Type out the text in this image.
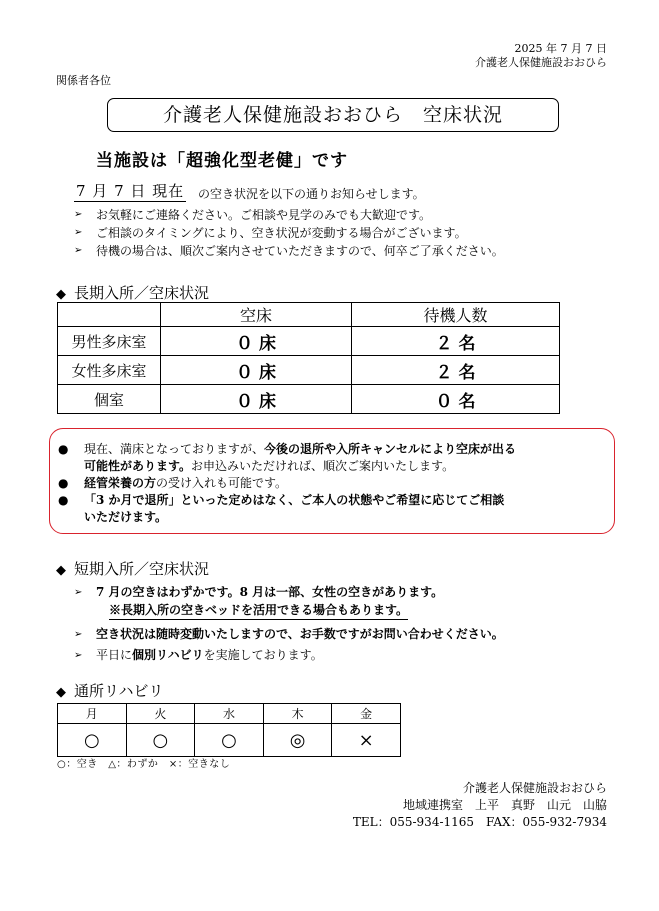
2025 年 7 月 7 日
介護老人保健施設おおひら
関係者各位
介護老人保健施設おおひら　空床状況
当施設は「超強化型老健」です
7 月 7 日 現在 の空き状況を以下の通りお知らせします。
➢ お気軽にご連絡ください。ご相談や見学のみでも大歓迎です。
➢ ご相談のタイミングにより、空き状況が変動する場合がございます。
➢ 待機の場合は、順次ご案内させていただきますので、何卒ご了承ください。
◆ 長期入所／空床状況
	空床	待機人数
男性多床室	０ 床	２ 名
女性多床室	０ 床	２ 名
個室	０ 床	０ 名
● 現在、満床となっておりますが、今後の退所や入所キャンセルにより空床が出る
可能性があります。お申込みいただければ、順次ご案内いたします。
● 経管栄養の方の受け入れも可能です。
● 「3 か月で退所」といった定めはなく、ご本人の状態やご希望に応じてご相談
いただけます。
◆ 短期入所／空床状況
➢ 7 月の空きはわずかです。8 月は一部、女性の空きがあります。

➢ 空き状況は随時変動いたしますので、お手数ですがお問い合わせください。
➢ 平日に個別リハビリを実施しております。
※長期入所の空きベッドを活用できる場合もあります。
◆ 通所リハビリ
月	火	水	木	金
○	○	○	◎	×
○：空き　△：わずか　×：空きなし
介護老人保健施設おおひら
地域連携室　上平　真野　山元　山脇
TEL：055-934-1165　FAX：055-932-7934
